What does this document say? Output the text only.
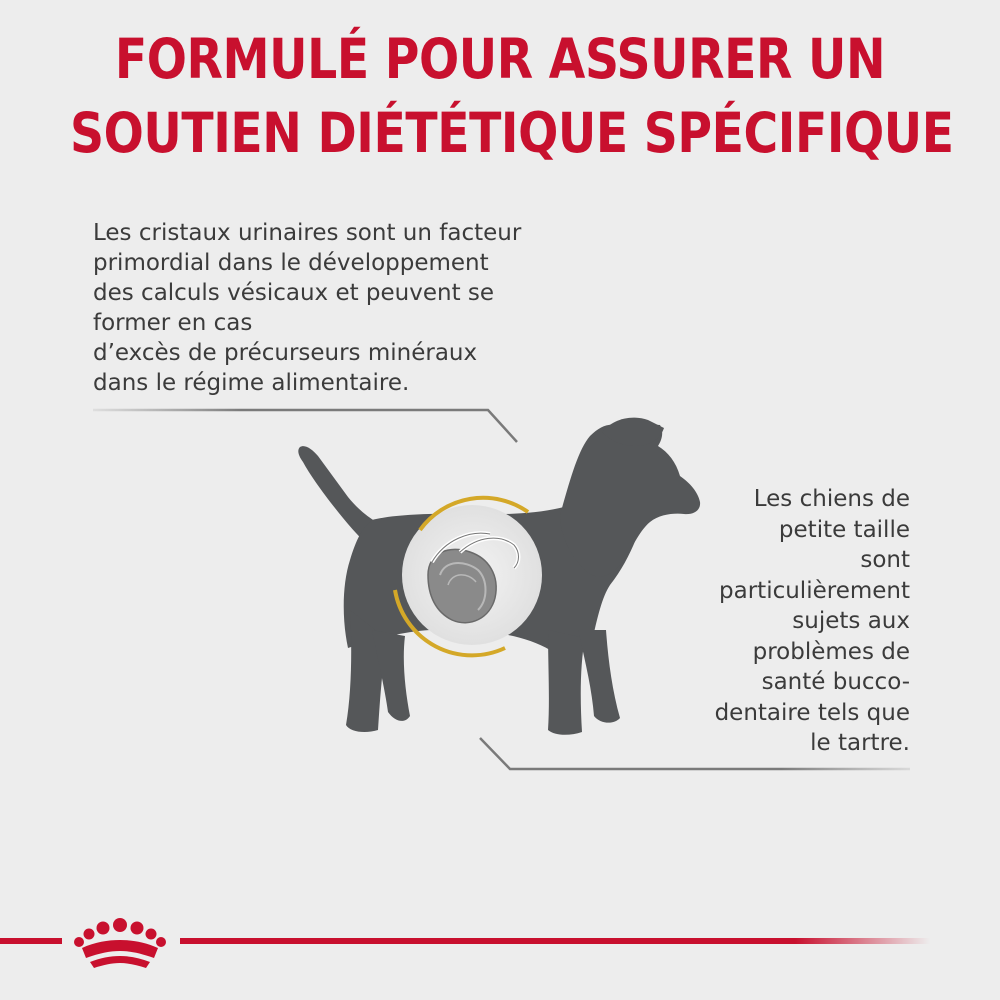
FORMULÉ POUR ASSURER UN
SOUTIEN DIÉTÉTIQUE SPÉCIFIQUE

Les cristaux urinaires sont un facteur
primordial dans le développement
des calculs vésicaux et peuvent se
former en cas
d’excès de précurseurs minéraux
dans le régime alimentaire.

Les chiens de
petite taille
sont
particulièrement
sujets aux
problèmes de
santé bucco-
dentaire tels que
le tartre.
